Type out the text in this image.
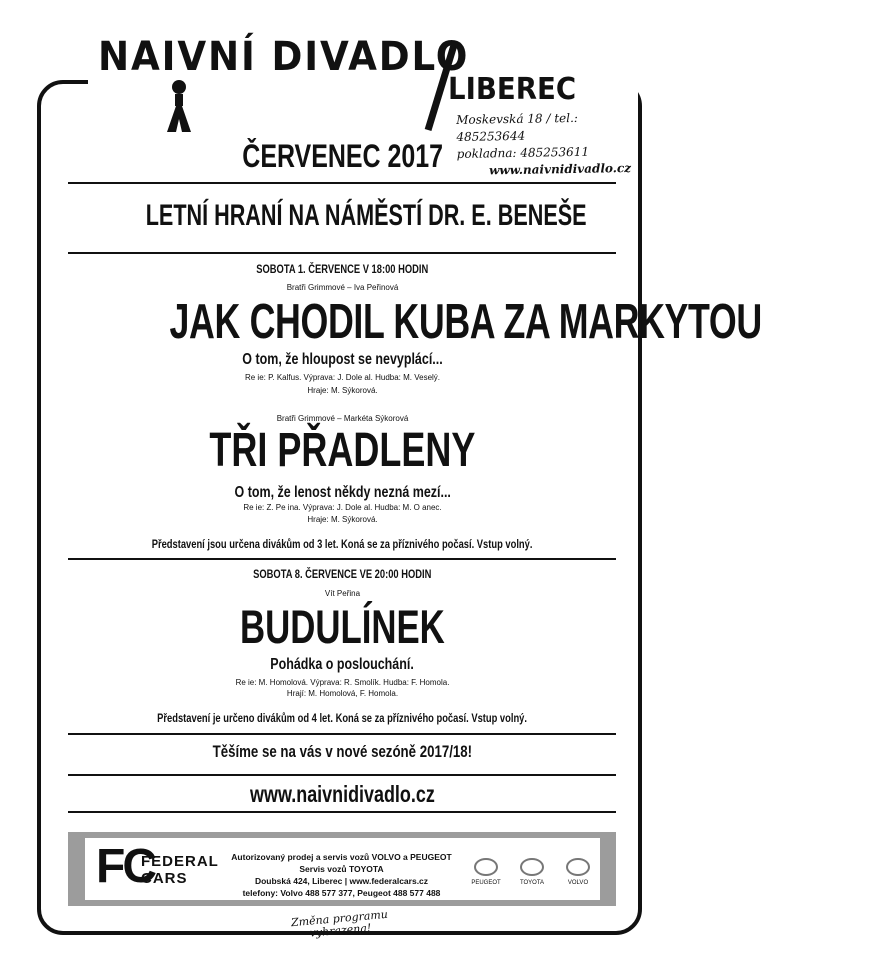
NAIVNÍ DIVADLO
LIBEREC
Moskevská 18 / tel.: 485253644
pokladna: 485253611
www.naivnidivadlo.cz
ČERVENEC 2017
LETNÍ HRANÍ NA NÁMĚSTÍ DR. E. BENEŠE
SOBOTA 1. ČERVENCE V 18:00 HODIN
Bratři Grimmové – Iva Peřinová
JAK CHODIL KUBA ZA MARKYTOU
O tom, že hloupost se nevyplácí...
Re ie: P. Kalfus. Výprava: J. Dole al. Hudba: M. Veselý.
Hraje: M. Sýkorová.
Bratři Grimmové – Markéta Sýkorová
TŘI PŘADLENY
O tom, že lenost někdy nezná mezí...
Re ie: Z. Pe ina. Výprava: J. Dole al. Hudba: M. O anec.
Hraje: M. Sýkorová.
Představení jsou určena divákům od 3 let. Koná se za příznivého počasí. Vstup volný.
SOBOTA 8. ČERVENCE VE 20:00 HODIN
Vít Peřina
BUDULÍNEK
Pohádka o poslouchání.
Re ie: M. Homolová. Výprava: R. Smolík. Hudba: F. Homola.
Hrají: M. Homolová, F. Homola.
Představení je určeno divákům od 4 let. Koná se za příznivého počasí. Vstup volný.
Těšíme se na vás v nové sezóně 2017/18!
www.naivnidivadlo.cz
FC
FEDERAL
CARS
Autorizovaný prodej a servis vozů VOLVO a PEUGEOT
Servis vozů TOYOTA
Doubská 424, Liberec | www.federalcars.cz
telefony: Volvo 488 577 377, Peugeot 488 577 488
PEUGEOT	TOYOTA	VOLVO
Změna programu vyhrazena!
